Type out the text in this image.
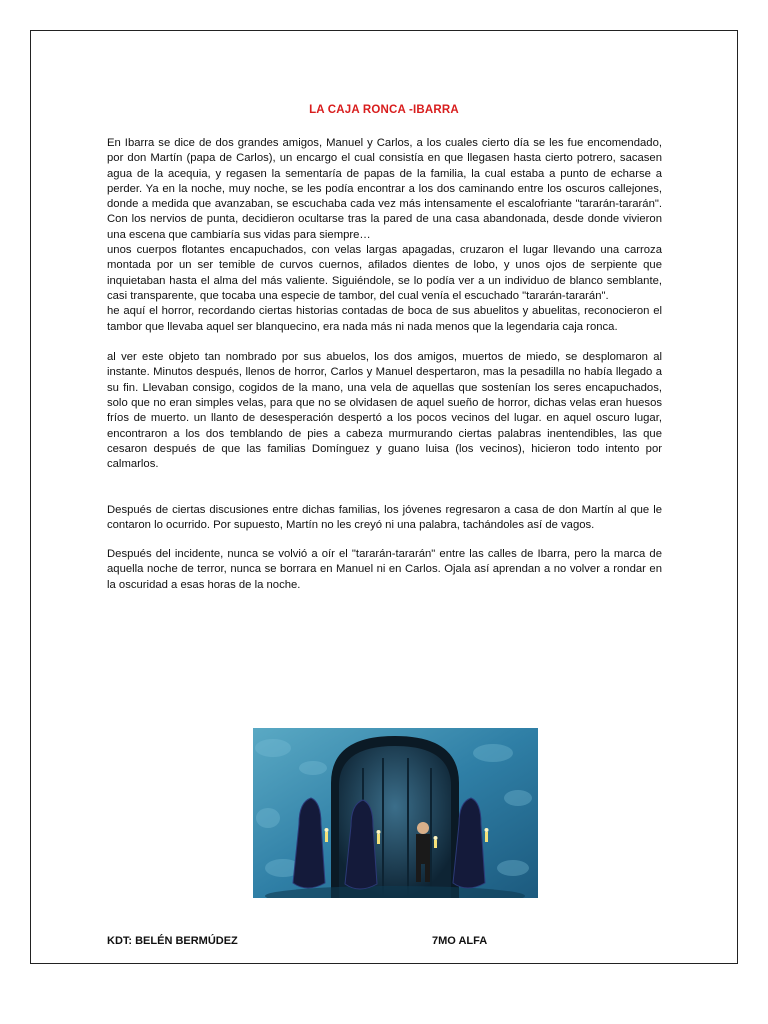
LA CAJA RONCA -IBARRA

En Ibarra se dice de dos grandes amigos, Manuel y Carlos, a los cuales cierto día se les fue encomendado, por don Martín (papa de Carlos), un encargo el cual consistía en que llegasen hasta cierto potrero, sacasen agua de la acequia, y regasen la sementaría de papas de la familia, la cual estaba a punto de echarse a perder. Ya en la noche, muy noche, se les podía encontrar a los dos caminando entre los oscuros callejones, donde a medida que avanzaban, se escuchaba cada vez más intensamente el escalofriante "tararán-tararán". Con los nervios de punta, decidieron ocultarse tras la pared de una casa abandonada, desde donde vivieron una escena que cambiaría sus vidas para siempre…

unos cuerpos flotantes encapuchados, con velas largas apagadas, cruzaron el lugar llevando una carroza montada por un ser temible de curvos cuernos, afilados dientes de lobo, y unos ojos de serpiente que inquietaban hasta el alma del más valiente. Siguiéndole, se lo podía ver a un individuo de blanco semblante, casi transparente, que tocaba una especie de tambor, del cual venía el escuchado "tararán-tararán".

he aquí el horror, recordando ciertas historias contadas de boca de sus abuelitos y abuelitas, reconocieron el tambor que llevaba aquel ser blanquecino, era nada más ni nada menos que la legendaria caja ronca.

al ver este objeto tan nombrado por sus abuelos, los dos amigos, muertos de miedo, se desplomaron al instante. Minutos después, llenos de horror, Carlos y Manuel despertaron, mas la pesadilla no había llegado a su fin. Llevaban consigo, cogidos de la mano, una vela de aquellas que sostenían los seres encapuchados, solo que no eran simples velas, para que no se olvidasen de aquel sueño de horror, dichas velas eran huesos fríos de muerto. un llanto de desesperación despertó a los pocos vecinos del lugar. en aquel oscuro lugar, encontraron a los dos temblando de pies a cabeza murmurando ciertas palabras inentendibles, las que cesaron después de que las familias Domínguez y guano luisa (los vecinos), hicieron todo intento por calmarlos.

Después de ciertas discusiones entre dichas familias, los jóvenes regresaron a casa de don Martín al que le contaron lo ocurrido. Por supuesto, Martín no les creyó ni una palabra, tachándoles así de vagos.

Después del incidente, nunca se volvió a oír el "tararán-tararán" entre las calles de Ibarra, pero la marca de aquella noche de terror, nunca se borrara en Manuel ni en Carlos. Ojala así aprendan a no volver a rondar en la oscuridad a esas horas de la noche.

KDT: BELÉN BERMÚDEZ	7MO ALFA
